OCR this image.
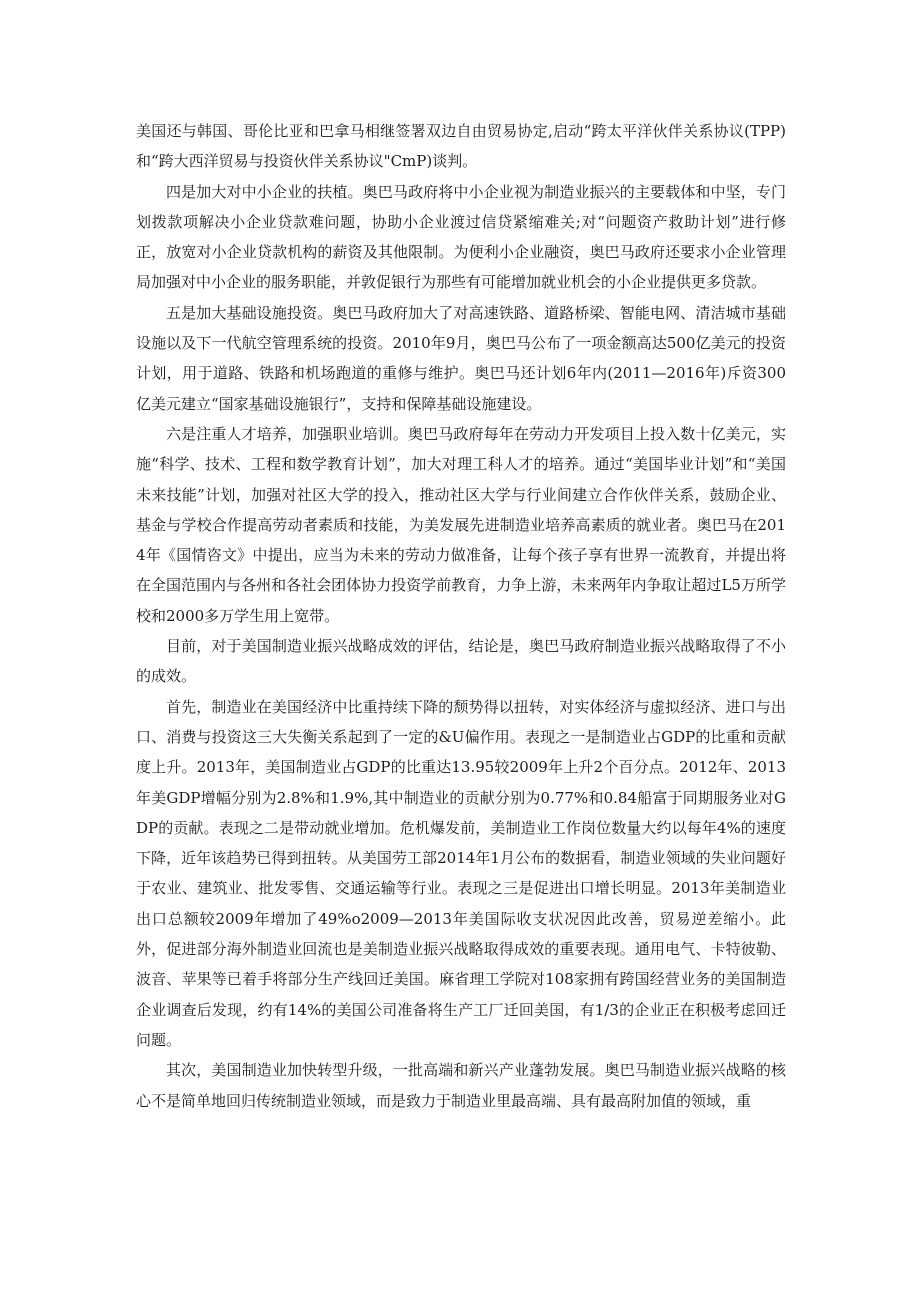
美国还与韩国、哥伦比亚和巴拿马相继签署双边自由贸易协定,启动“跨太平洋伙伴关系协议(TPP)和“跨大西洋贸易与投资伙伴关系协议"CmP)谈判。

四是加大对中小企业的扶植。奥巴马政府将中小企业视为制造业振兴的主要载体和中坚，专门划拨款项解决小企业贷款难问题，协助小企业渡过信贷紧缩难关;对“问题资产救助计划”进行修正，放宽对小企业贷款机构的薪资及其他限制。为便利小企业融资，奥巴马政府还要求小企业管理局加强对中小企业的服务职能，并敦促银行为那些有可能增加就业机会的小企业提供更多贷款。

五是加大基础设施投资。奥巴马政府加大了对高速铁路、道路桥梁、智能电网、清洁城市基础设施以及下一代航空管理系统的投资。2010年9月，奥巴马公布了一项金额高达500亿美元的投资计划，用于道路、铁路和机场跑道的重修与维护。奥巴马还计划6年内(2011—2016年)斥资300亿美元建立“国家基础设施银行”，支持和保障基础设施建设。

六是注重人才培养，加强职业培训。奥巴马政府每年在劳动力开发项目上投入数十亿美元，实施“科学、技术、工程和数学教育计划”，加大对理工科人才的培养。通过“美国毕业计划”和“美国未来技能”计划，加强对社区大学的投入，推动社区大学与行业间建立合作伙伴关系，鼓励企业、基金与学校合作提高劳动者素质和技能，为美发展先进制造业培养高素质的就业者。奥巴马在2014年《国情咨文》中提出，应当为未来的劳动力做准备，让每个孩子享有世界一流教育，并提出将在全国范围内与各州和各社会团体协力投资学前教育，力争上游，未来两年内争取让超过L5万所学校和2000多万学生用上宽带。

目前，对于美国制造业振兴战略成效的评估，结论是，奥巴马政府制造业振兴战略取得了不小的成效。

首先，制造业在美国经济中比重持续下降的颓势得以扭转，对实体经济与虚拟经济、进口与出口、消费与投资这三大失衡关系起到了一定的&U偏作用。表现之一是制造业占GDP的比重和贡献度上升。2013年，美国制造业占GDP的比重达13.95较2009年上升2个百分点。2012年、2013年美GDP增幅分别为2.8%和1.9%,其中制造业的贡献分别为0.77%和0.84船富于同期服务业对GDP的贡献。表现之二是带动就业增加。危机爆发前，美制造业工作岗位数量大约以每年4%的速度下降，近年该趋势已得到扭转。从美国劳工部2014年1月公布的数据看，制造业领域的失业问题好于农业、建筑业、批发零售、交通运输等行业。表现之三是促进出口增长明显。2013年美制造业出口总额较2009年增加了49%o2009—2013年美国际收支状况因此改善，贸易逆差缩小。此外，促进部分海外制造业回流也是美制造业振兴战略取得成效的重要表现。通用电气、卡特彼勒、波音、苹果等已着手将部分生产线回迁美国。麻省理工学院对108家拥有跨国经营业务的美国制造企业调查后发现，约有14%的美国公司准备将生产工厂迁回美国，有1/3的企业正在积极考虑回迁问题。

其次，美国制造业加快转型升级，一批高端和新兴产业蓬勃发展。奥巴马制造业振兴战略的核心不是简单地回归传统制造业领域，而是致力于制造业里最高端、具有最高附加值的领域，重
